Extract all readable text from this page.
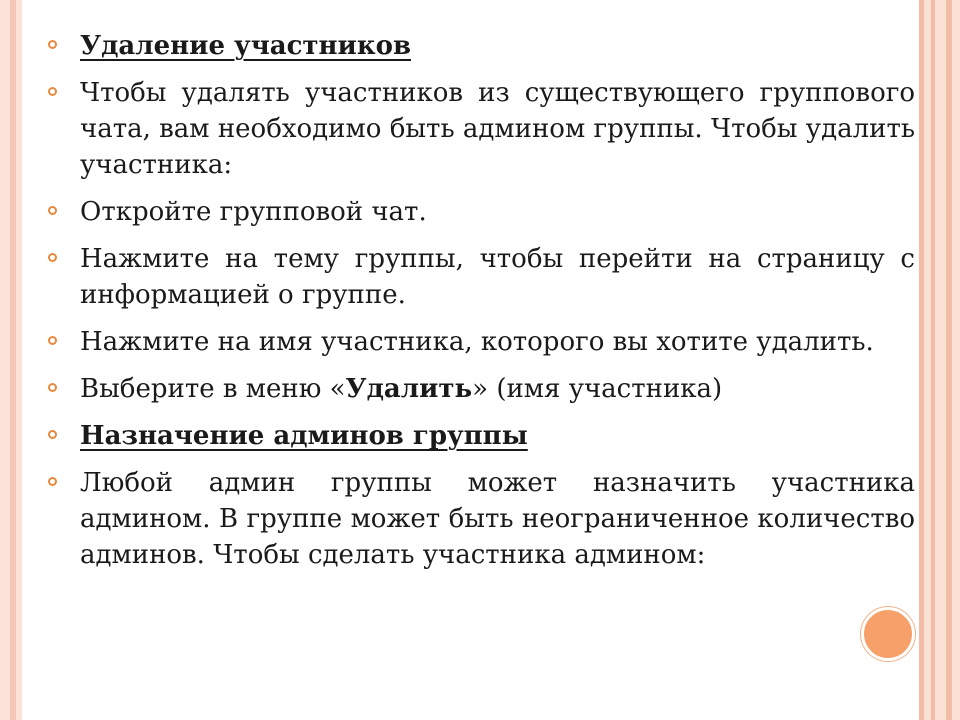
Удаление участников
Чтобы удалять участников из существующего группового чата, вам необходимо быть админом группы. Чтобы удалить участника:
Откройте групповой чат.
Нажмите на тему группы, чтобы перейти на страницу с информацией о группе.
Нажмите на имя участника, которого вы хотите удалить.
Выберите в меню «Удалить» (имя участника)
Назначение админов группы
Любой админ группы может назначить участника админом. В группе может быть неограниченное количество админов. Чтобы сделать участника админом:
